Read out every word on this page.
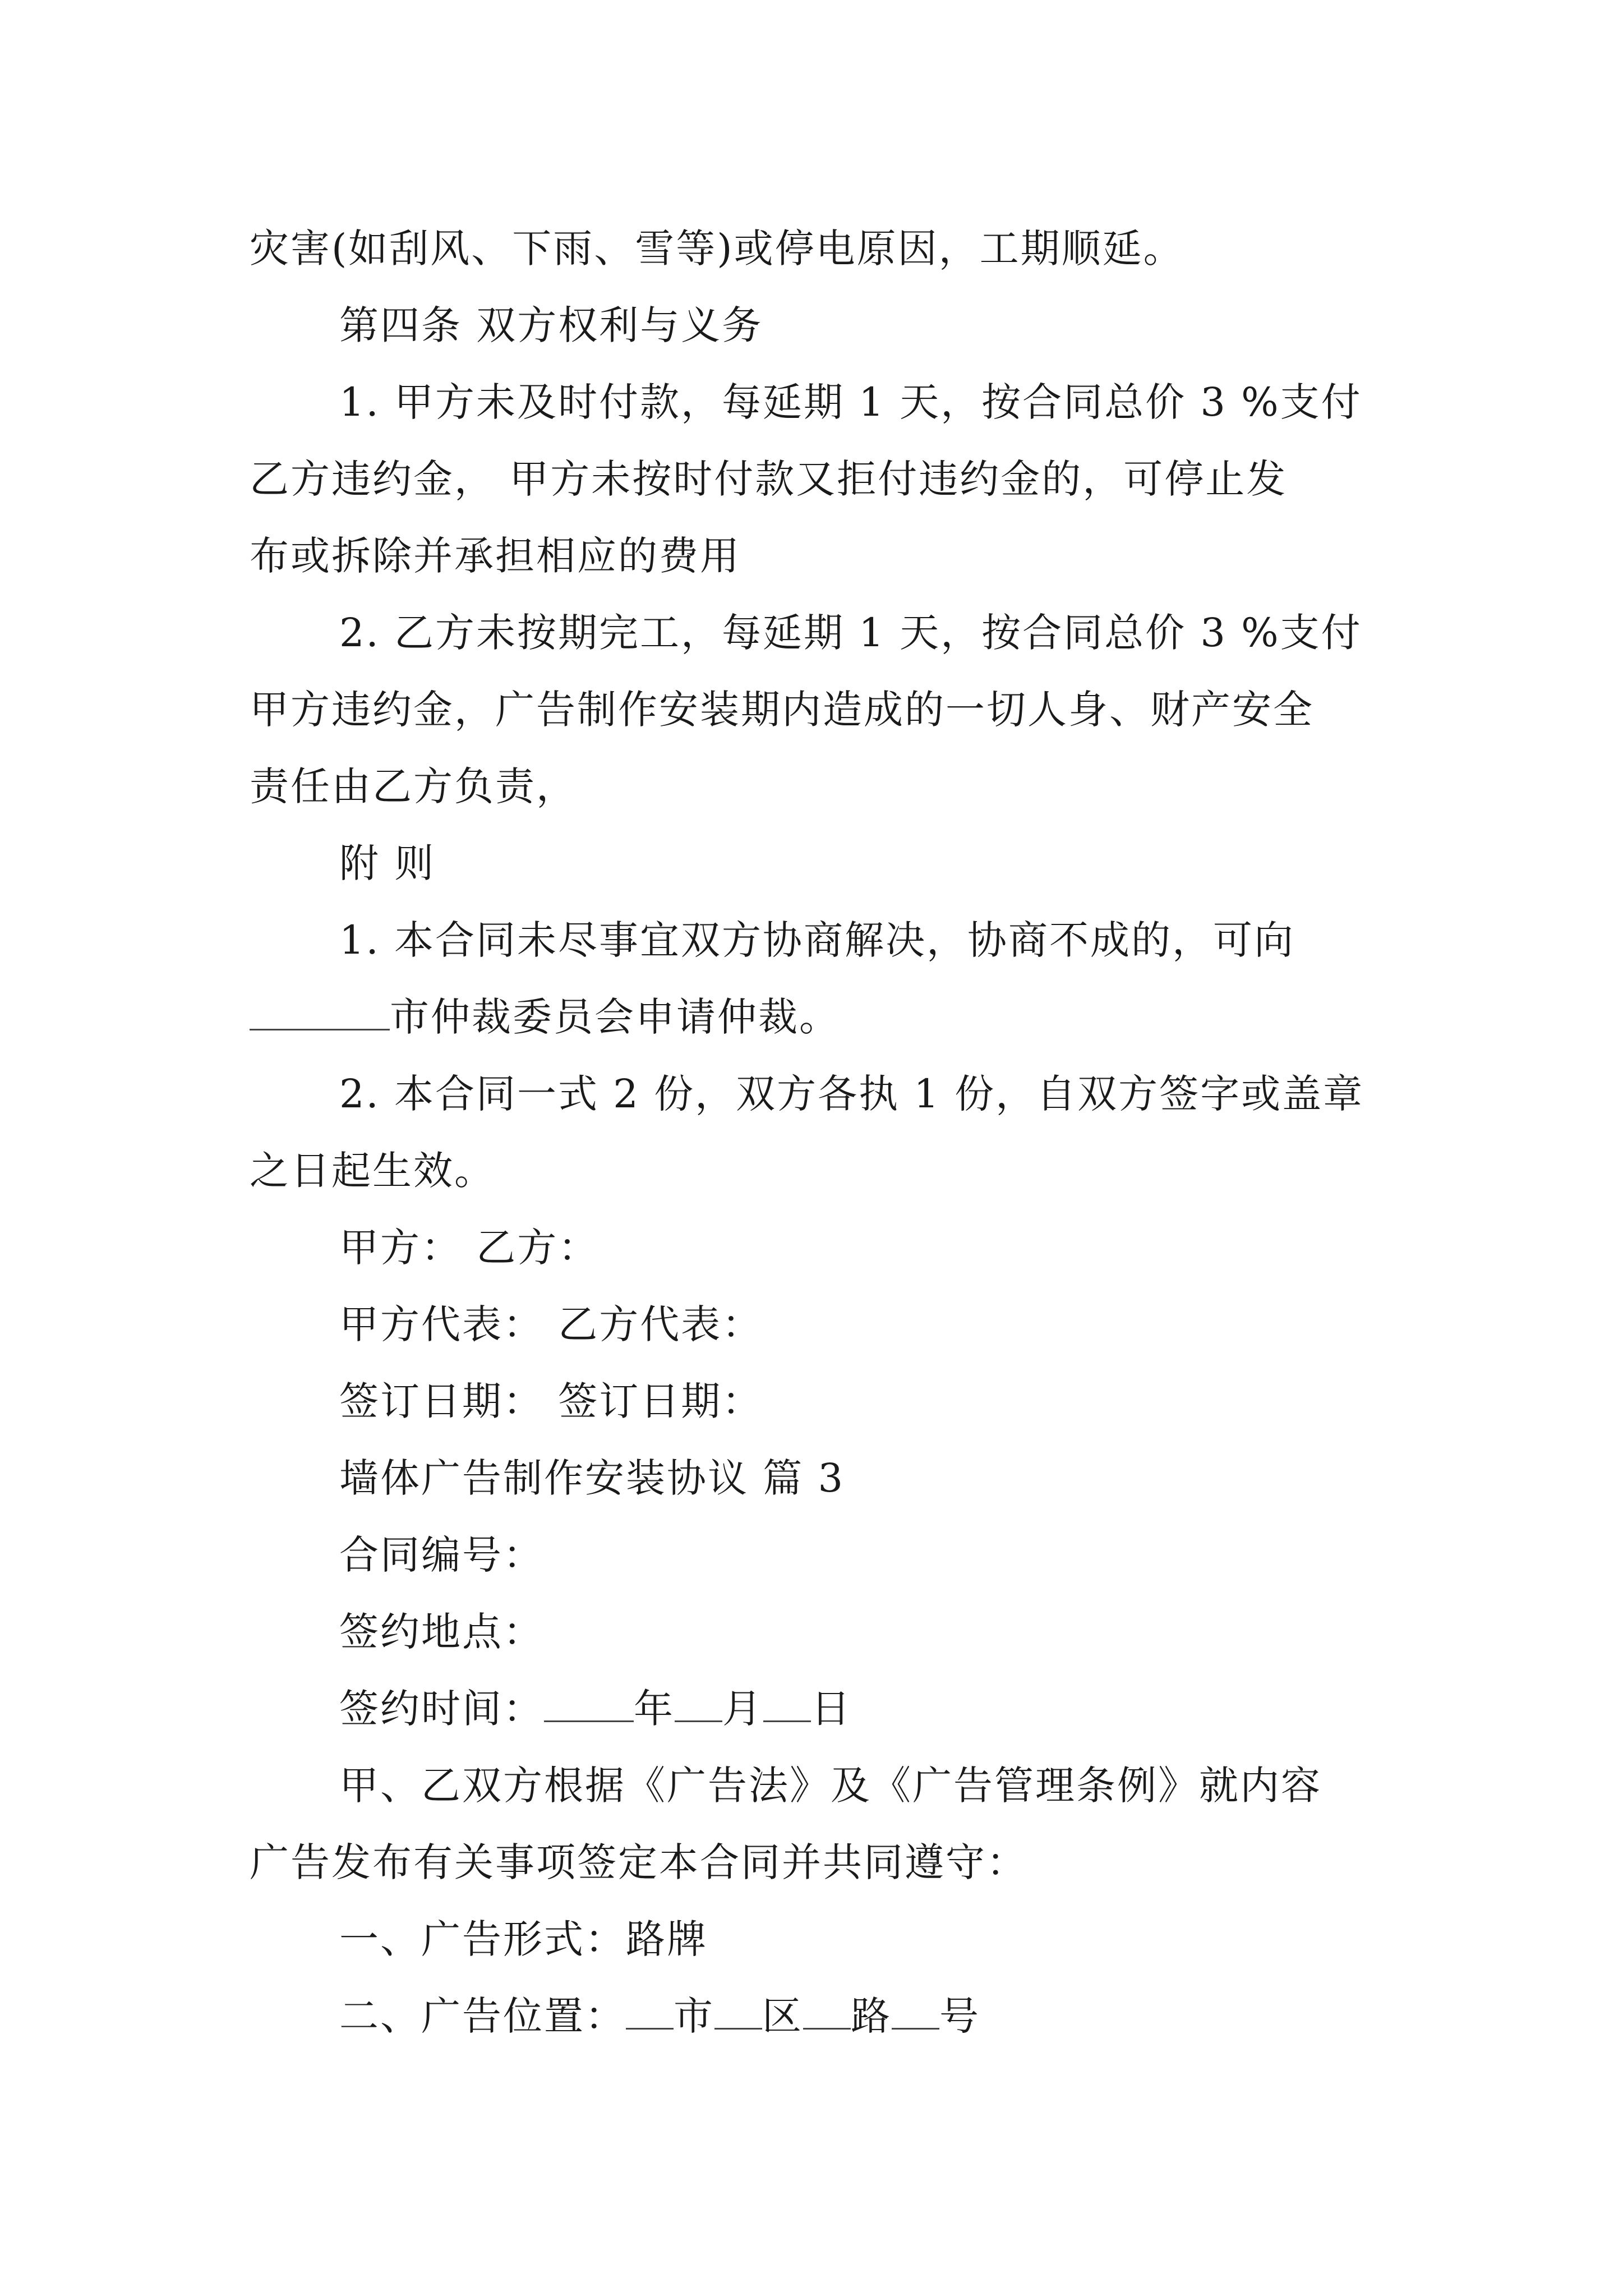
灾害(如刮风、下雨、雪等)或停电原因，工期顺延。

第四条 双方权利与义务

1. 甲方未及时付款，每延期 1 天，按合同总价 3 %支付
乙方违约金， 甲方未按时付款又拒付违约金的，可停止发
布或拆除并承担相应的费用

2. 乙方未按期完工，每延期 1 天，按合同总价 3 %支付
甲方违约金，广告制作安装期内造成的一切人身、财产安全
责任由乙方负责，

附 则

1. 本合同未尽事宜双方协商解决，协商不成的，可向
市仲裁委员会申请仲裁。

2. 本合同一式 2 份，双方各执 1 份，自双方签字或盖章
之日起生效。

甲方： 乙方：

甲方代表： 乙方代表：

签订日期： 签订日期：

墙体广告制作安装协议 篇 3

合同编号：

签约地点：

签约时间： 年 月 日

甲、乙双方根据《广告法》及《广告管理条例》就内容
广告发布有关事项签定本合同并共同遵守：

一、广告形式：路牌

二、广告位置： 市 区 路 号
